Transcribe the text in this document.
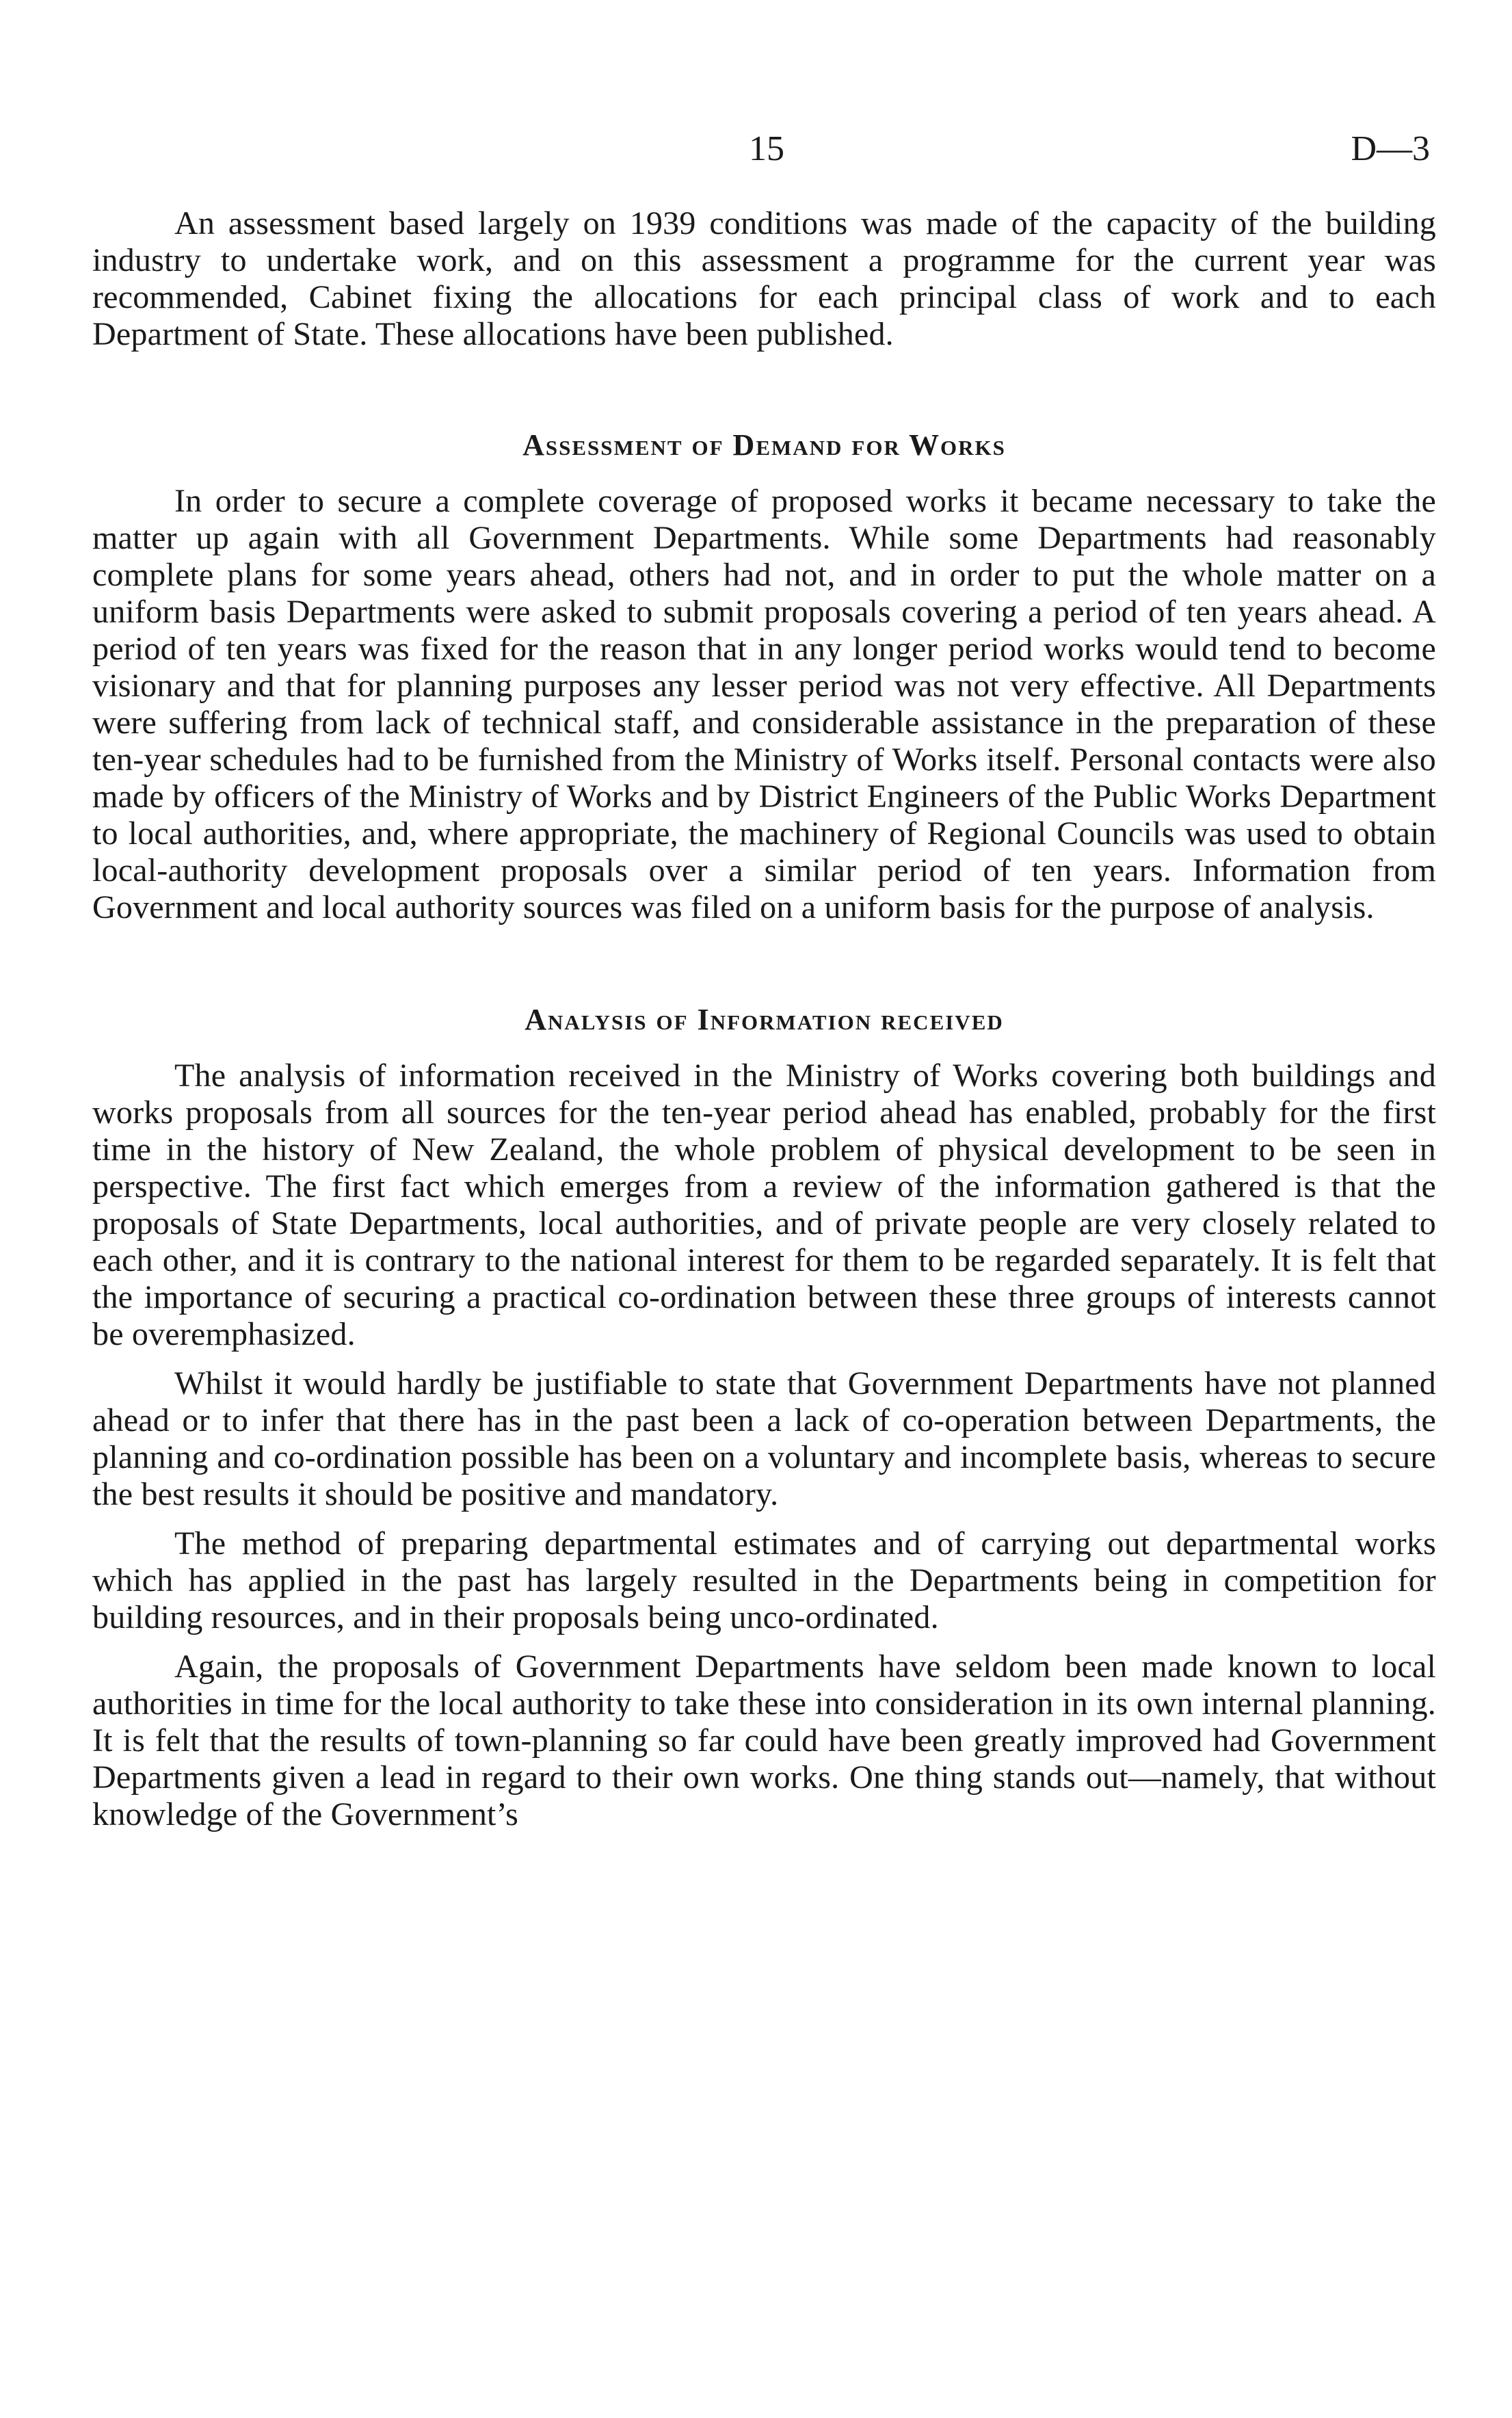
15	D—3

An assessment based largely on 1939 conditions was made of the capacity of the building industry to undertake work, and on this assessment a programme for the current year was recommended, Cabinet fixing the allocations for each principal class of work and to each Department of State. These allocations have been published.

Assessment of Demand for Works

In order to secure a complete coverage of proposed works it became necessary to take the matter up again with all Government Departments. While some Departments had reasonably complete plans for some years ahead, others had not, and in order to put the whole matter on a uniform basis Departments were asked to submit proposals covering a period of ten years ahead. A period of ten years was fixed for the reason that in any longer period works would tend to become visionary and that for planning purposes any lesser period was not very effective. All Departments were suffering from lack of technical staff, and considerable assistance in the preparation of these ten-year schedules had to be furnished from the Ministry of Works itself. Personal contacts were also made by officers of the Ministry of Works and by District Engineers of the Public Works Department to local authorities, and, where appropriate, the machinery of Regional Councils was used to obtain local-authority development proposals over a similar period of ten years. Information from Government and local authority sources was filed on a uniform basis for the purpose of analysis.

Analysis of Information received

The analysis of information received in the Ministry of Works covering both buildings and works proposals from all sources for the ten-year period ahead has enabled, probably for the first time in the history of New Zealand, the whole problem of physical development to be seen in perspective. The first fact which emerges from a review of the information gathered is that the proposals of State Departments, local authorities, and of private people are very closely related to each other, and it is contrary to the national interest for them to be regarded separately. It is felt that the importance of securing a practical co-ordination between these three groups of interests cannot be overemphasized.

Whilst it would hardly be justifiable to state that Government Departments have not planned ahead or to infer that there has in the past been a lack of co-operation between Departments, the planning and co-ordination possible has been on a voluntary and incomplete basis, whereas to secure the best results it should be positive and mandatory.

The method of preparing departmental estimates and of carrying out departmental works which has applied in the past has largely resulted in the Departments being in competition for building resources, and in their proposals being unco-ordinated.

Again, the proposals of Government Departments have seldom been made known to local authorities in time for the local authority to take these into consideration in its own internal planning. It is felt that the results of town-planning so far could have been greatly improved had Government Departments given a lead in regard to their own works. One thing stands out—namely, that without knowledge of the Government’s
